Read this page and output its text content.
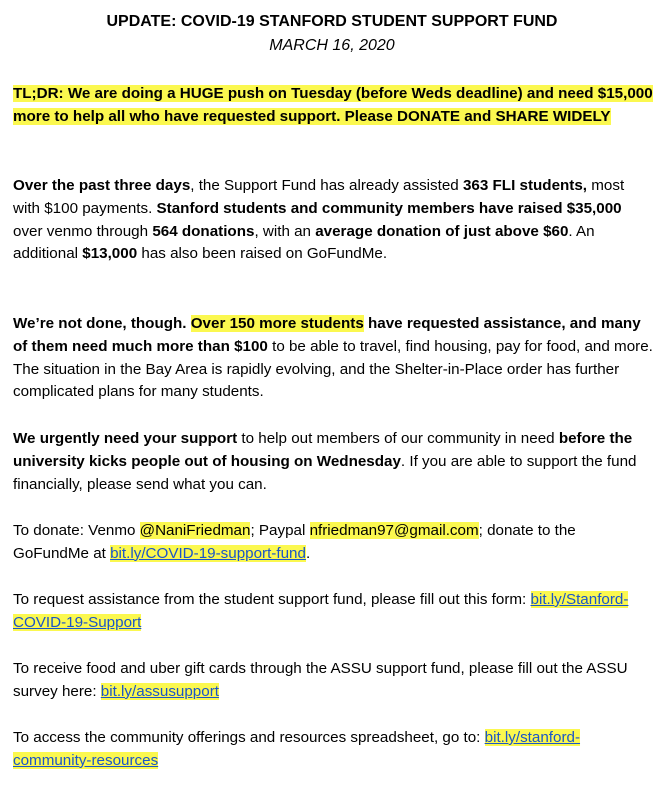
UPDATE: COVID-19 STANFORD STUDENT SUPPORT FUND
MARCH 16, 2020

TL;DR: We are doing a HUGE push on Tuesday (before Weds deadline) and need $15,000 more to help all who have requested support. Please DONATE and SHARE WIDELY

Over the past three days, the Support Fund has already assisted 363 FLI students, most with $100 payments. Stanford students and community members have raised $35,000 over venmo through 564 donations, with an average donation of just above $60. An additional $13,000 has also been raised on GoFundMe.

We’re not done, though. Over 150 more students have requested assistance, and many of them need much more than $100 to be able to travel, find housing, pay for food, and more. The situation in the Bay Area is rapidly evolving, and the Shelter-in-Place order has further complicated plans for many students.

We urgently need your support to help out members of our community in need before the university kicks people out of housing on Wednesday. If you are able to support the fund financially, please send what you can.

To donate: Venmo @NaniFriedman; Paypal nfriedman97@gmail.com; donate to the GoFundMe at bit.ly/COVID-19-support-fund.

To request assistance from the student support fund, please fill out this form: bit.ly/Stanford-COVID-19-Support

To receive food and uber gift cards through the ASSU support fund, please fill out the ASSU survey here: bit.ly/assusupport

To access the community offerings and resources spreadsheet, go to: bit.ly/stanford-community-resources
